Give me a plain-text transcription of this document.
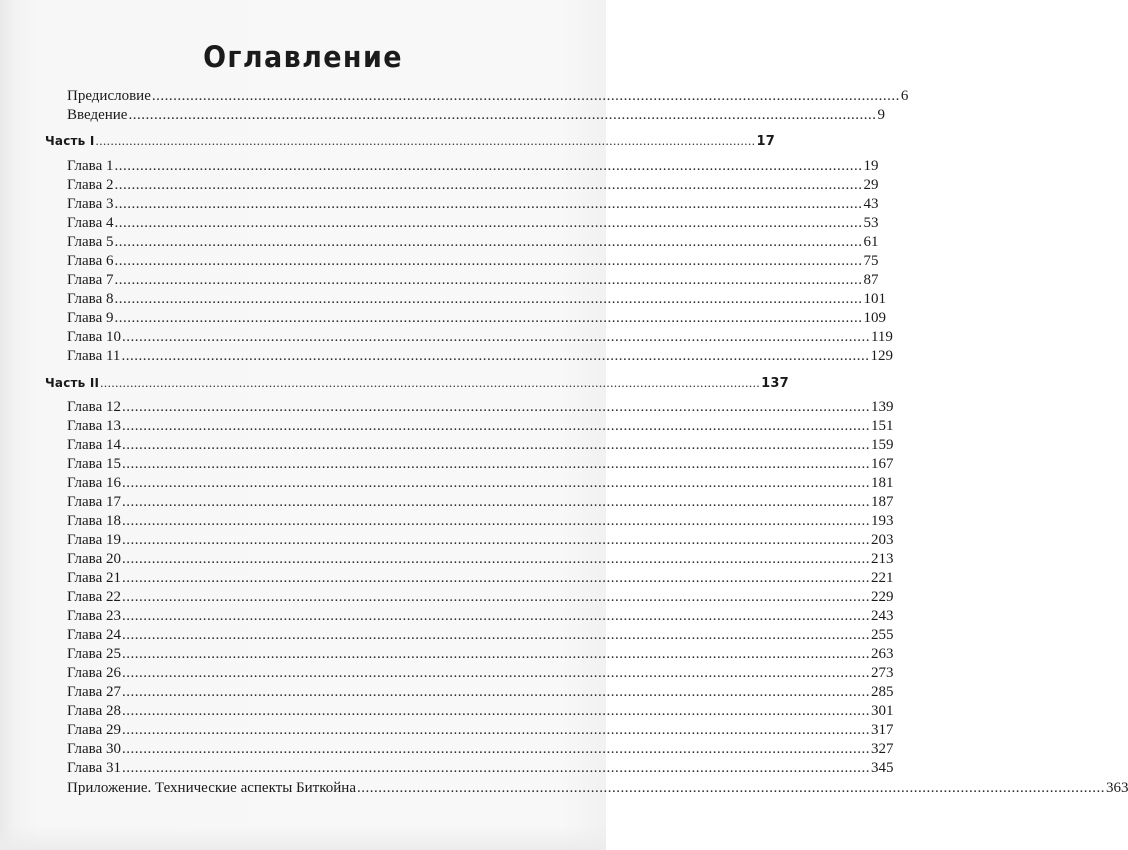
Оглавление
Предисловие ................................................................................................................................................................................ 6
Введение ................................................................................................................................................................................ 9
Часть I ................................................................................................................................................................................ 17
Глава 1 ................................................................................................................................................................................ 19
Глава 2 ................................................................................................................................................................................ 29
Глава 3 ................................................................................................................................................................................ 43
Глава 4 ................................................................................................................................................................................ 53
Глава 5 ................................................................................................................................................................................ 61
Глава 6 ................................................................................................................................................................................ 75
Глава 7 ................................................................................................................................................................................ 87
Глава 8 ................................................................................................................................................................................ 101
Глава 9 ................................................................................................................................................................................ 109
Глава 10 ................................................................................................................................................................................ 119
Глава 11 ................................................................................................................................................................................ 129
Часть II ................................................................................................................................................................................ 137
Глава 12 ................................................................................................................................................................................ 139
Глава 13 ................................................................................................................................................................................ 151
Глава 14 ................................................................................................................................................................................ 159
Глава 15 ................................................................................................................................................................................ 167
Глава 16 ................................................................................................................................................................................ 181
Глава 17 ................................................................................................................................................................................ 187
Глава 18 ................................................................................................................................................................................ 193
Глава 19 ................................................................................................................................................................................ 203
Глава 20 ................................................................................................................................................................................ 213
Глава 21 ................................................................................................................................................................................ 221
Глава 22 ................................................................................................................................................................................ 229
Глава 23 ................................................................................................................................................................................ 243
Глава 24 ................................................................................................................................................................................ 255
Глава 25 ................................................................................................................................................................................ 263
Глава 26 ................................................................................................................................................................................ 273
Глава 27 ................................................................................................................................................................................ 285
Глава 28 ................................................................................................................................................................................ 301
Глава 29 ................................................................................................................................................................................ 317
Глава 30 ................................................................................................................................................................................ 327
Глава 31 ................................................................................................................................................................................ 345
Приложение. Технические аспекты Биткойна ................................................................................................................................................................................ 363
